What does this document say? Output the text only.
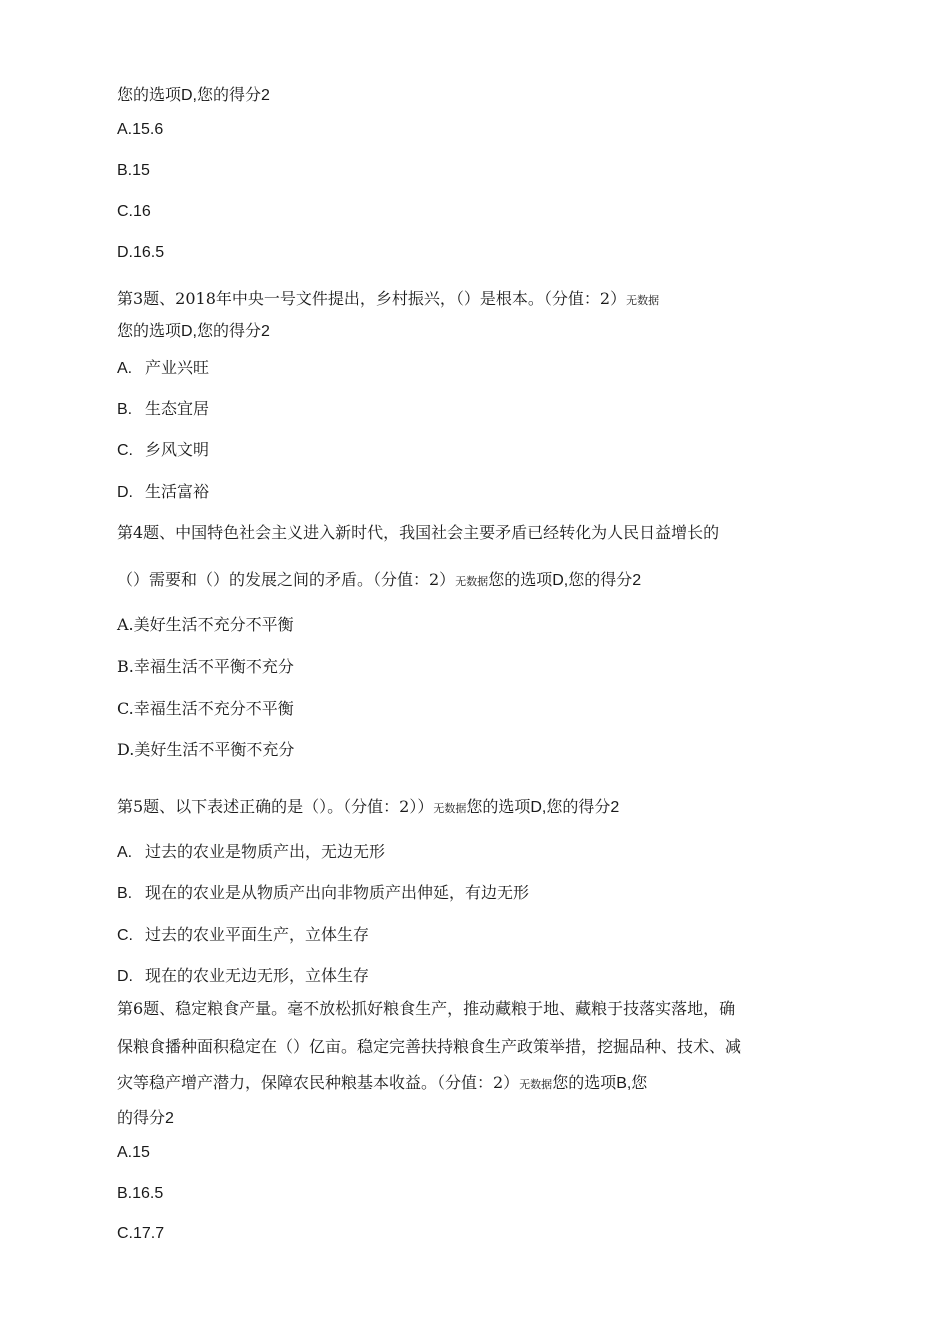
您的选项D,您的得分2
A.15.6
B.15
C.16
D.16.5
第3题、2018年中央一号文件提出，乡村振兴，（）是根本。（分值：2）无数据
您的选项D,您的得分2
A. 产业兴旺
B. 生态宜居
C. 乡风文明
D. 生活富裕
第4题、中国特色社会主义进入新时代，我国社会主要矛盾已经转化为人民日益增长的
（）需要和（）的发展之间的矛盾。（分值：2）无数据您的选项D,您的得分2
A.美好生活不充分不平衡
B.幸福生活不平衡不充分
C.幸福生活不充分不平衡
D.美好生活不平衡不充分
第5题、以下表述正确的是（）。（分值：2））无数据您的选项D,您的得分2
A. 过去的农业是物质产出，无边无形
B. 现在的农业是从物质产出向非物质产出伸延，有边无形
C. 过去的农业平面生产，立体生存
D. 现在的农业无边无形，立体生存
第6题、稳定粮食产量。毫不放松抓好粮食生产，推动藏粮于地、藏粮于技落实落地，确
保粮食播种面积稳定在（）亿亩。稳定完善扶持粮食生产政策举措，挖掘品种、技术、减
灾等稳产增产潜力，保障农民种粮基本收益。（分值：2）无数据您的选项B,您
的得分2
A.15
B.16.5
C.17.7
